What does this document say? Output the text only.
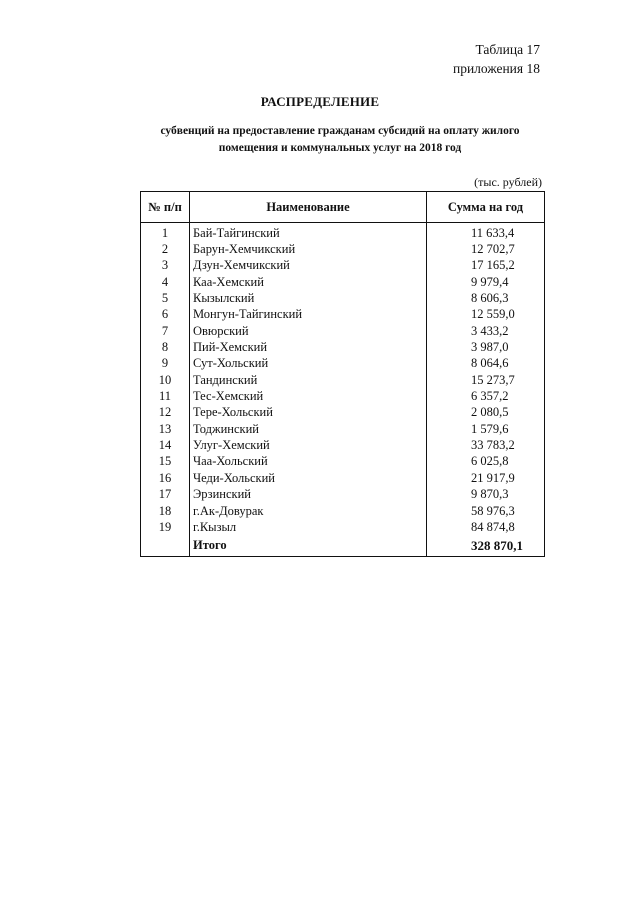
Таблица 17
приложения 18
РАСПРЕДЕЛЕНИЕ
субвенций на предоставление гражданам субсидий на оплату жилого
помещения и коммунальных услуг на 2018 год
(тыс. рублей)
№ п/п	Наименование	Сумма на год
1	Бай-Тайгинский	11 633,4
2	Барун-Хемчикский	12 702,7
3	Дзун-Хемчикский	17 165,2
4	Каа-Хемский	9 979,4
5	Кызылский	8 606,3
6	Монгун-Тайгинский	12 559,0
7	Овюрский	3 433,2
8	Пий-Хемский	3 987,0
9	Сут-Хольский	8 064,6
10	Тандинский	15 273,7
11	Тес-Хемский	6 357,2
12	Тере-Хольский	2 080,5
13	Тоджинский	1 579,6
14	Улуг-Хемский	33 783,2
15	Чаа-Хольский	6 025,8
16	Чеди-Хольский	21 917,9
17	Эрзинский	9 870,3
18	г.Ак-Довурак	58 976,3
19	г.Кызыл	84 874,8
	Итого	328 870,1
